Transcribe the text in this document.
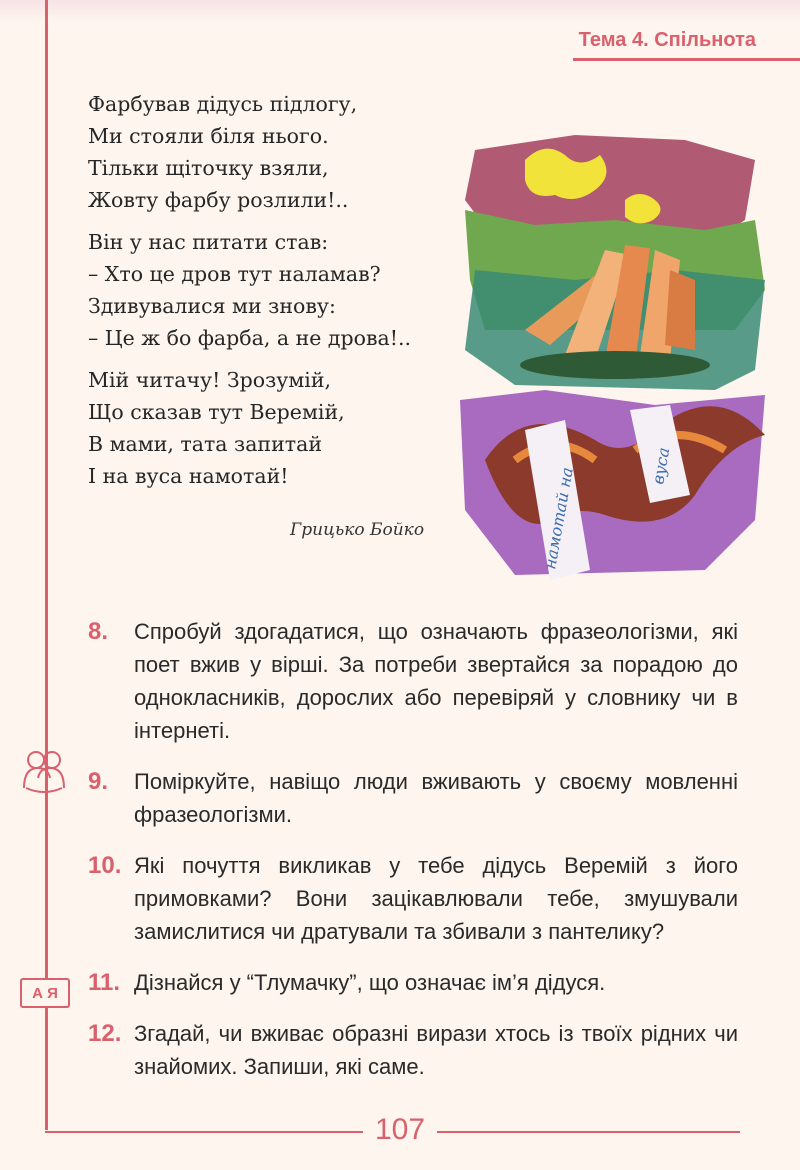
Тема 4. Спільнота
Фарбував дідусь підлогу,
Ми стояли біля нього.
Тільки щіточку взяли,
Жовту фарбу розлили!..
Він у нас питати став:
– Хто це дров тут наламав?
Здивувалися ми знову:
– Це ж бо фарба, а не дрова!..
Мій читачу! Зрозумій,
Що сказав тут Веремій,
В мами, тата запитай
І на вуса намотай!
Грицько Бойко	намотай на
вуса
8.	Спробуй здогадатися, що означають фразеологізми, які поет вжив у вірші. За потреби звертайся за порадою до однокласників, дорослих або перевіряй у словнику чи в інтернеті.
9.	Поміркуйте, навіщо люди вживають у своєму мовленні фразеологізми.
10. Які почуття викликав у тебе дідусь Веремій з його примовками? Вони зацікавлювали тебе, змушували замислитися чи дратували та збивали з пантелику?
11. Дізнайся у “Тлумачку”, що означає ім’я дідуся.
12. Згадай, чи вживає образні вирази хтось із твоїх рідних чи знайомих. Запиши, які саме.
А Я
107
